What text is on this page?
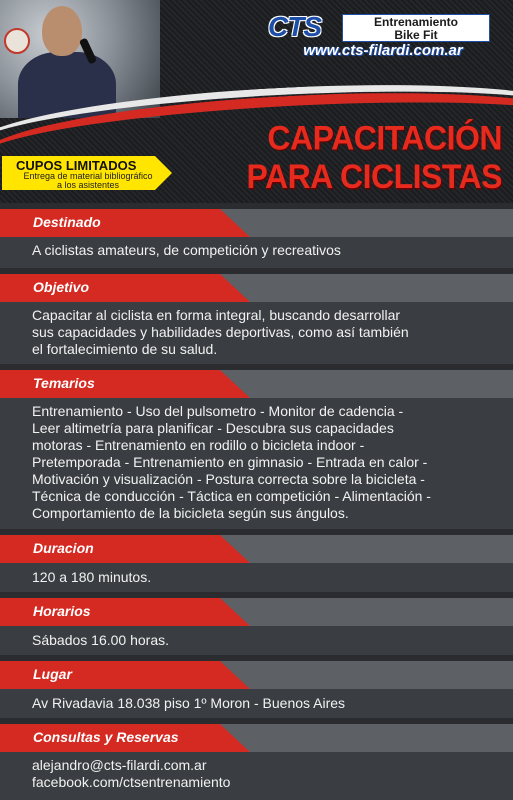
CTS	Entrenamiento
Bike Fit
www.cts-filardi.com.ar
CAPACITACIÓN
PARA CICLISTAS
CUPOS LIMITADOS
Entrega de material bibliográfico
a los asistentes
Destinado
A ciclistas amateurs, de competición y recreativos
Objetivo
Capacitar al ciclista en forma integral, buscando desarrollar
sus capacidades y habilidades deportivas, como así también
el fortalecimiento de su salud.
Temarios
Entrenamiento - Uso del pulsometro - Monitor de cadencia -
Leer altimetría para planificar - Descubra sus capacidades
motoras - Entrenamiento en rodillo o bicicleta indoor -
Pretemporada - Entrenamiento en gimnasio - Entrada en calor -
Motivación y visualización - Postura correcta sobre la bicicleta -
Técnica de conducción - Táctica en competición - Alimentación -
Comportamiento de la bicicleta según sus ángulos.
Duracion
120 a 180 minutos.
Horarios
Sábados 16.00 horas.
Lugar
Av Rivadavia 18.038 piso 1º Moron - Buenos Aires
Consultas y Reservas
alejandro@cts-filardi.com.ar
facebook.com/ctsentrenamiento
